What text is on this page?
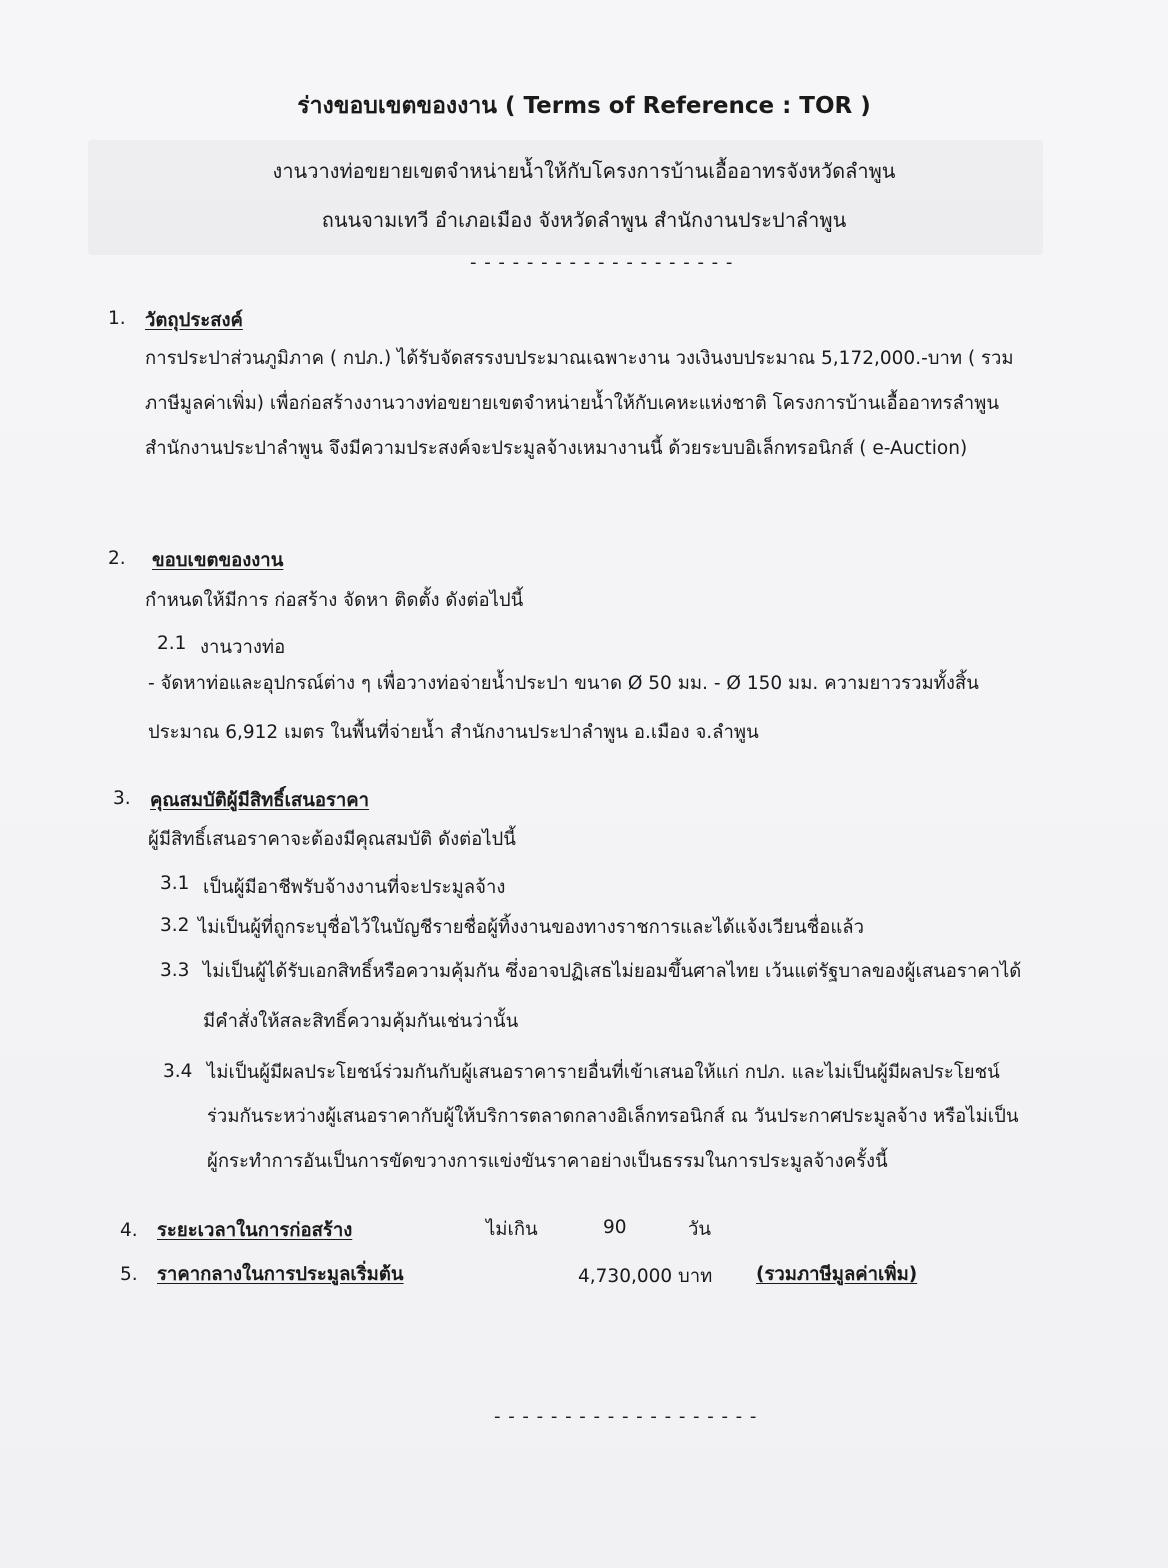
ร่างขอบเขตของงาน ( Terms of Reference : TOR )
งานวางท่อขยายเขตจำหน่ายน้ำให้กับโครงการบ้านเอื้ออาทรจังหวัดลำพูน
ถนนจามเทวี อำเภอเมือง จังหวัดลำพูน สำนักงานประปาลำพูน
- - - - - - - - - - - - - - - - - - -
1. วัตถุประสงค์
การประปาส่วนภูมิภาค ( กปภ.) ได้รับจัดสรรงบประมาณเฉพาะงาน วงเงินงบประมาณ 5,172,000.-บาท ( รวม
ภาษีมูลค่าเพิ่ม) เพื่อก่อสร้างงานวางท่อขยายเขตจำหน่ายน้ำให้กับเคหะแห่งชาติ โครงการบ้านเอื้ออาทรลำพูน
สำนักงานประปาลำพูน จึงมีความประสงค์จะประมูลจ้างเหมางานนี้ ด้วยระบบอิเล็กทรอนิกส์ ( e-Auction)
2. ขอบเขตของงาน
กำหนดให้มีการ ก่อสร้าง จัดหา ติดตั้ง ดังต่อไปนี้
2.1 งานวางท่อ
- จัดหาท่อและอุปกรณ์ต่าง ๆ เพื่อวางท่อจ่ายน้ำประปา ขนาด Ø 50 มม. - Ø 150 มม. ความยาวรวมทั้งสิ้น
ประมาณ 6,912 เมตร ในพื้นที่จ่ายน้ำ สำนักงานประปาลำพูน อ.เมือง จ.ลำพูน
3. คุณสมบัติผู้มีสิทธิ์เสนอราคา
ผู้มีสิทธิ์เสนอราคาจะต้องมีคุณสมบัติ ดังต่อไปนี้
3.1 เป็นผู้มีอาชีพรับจ้างงานที่จะประมูลจ้าง
3.2 ไม่เป็นผู้ที่ถูกระบุชื่อไว้ในบัญชีรายชื่อผู้ทิ้งงานของทางราชการและได้แจ้งเวียนชื่อแล้ว
3.3 ไม่เป็นผู้ได้รับเอกสิทธิ์หรือความคุ้มกัน ซึ่งอาจปฏิเสธไม่ยอมขึ้นศาลไทย เว้นแต่รัฐบาลของผู้เสนอราคาได้
มีคำสั่งให้สละสิทธิ์ความคุ้มกันเช่นว่านั้น
3.4 ไม่เป็นผู้มีผลประโยชน์ร่วมกันกับผู้เสนอราคารายอื่นที่เข้าเสนอให้แก่ กปภ. และไม่เป็นผู้มีผลประโยชน์
ร่วมกันระหว่างผู้เสนอราคากับผู้ให้บริการตลาดกลางอิเล็กทรอนิกส์ ณ วันประกาศประมูลจ้าง หรือไม่เป็น
ผู้กระทำการอันเป็นการขัดขวางการแข่งขันราคาอย่างเป็นธรรมในการประมูลจ้างครั้งนี้
4. ระยะเวลาในการก่อสร้าง	ไม่เกิน	90	วัน
5. ราคากลางในการประมูลเริ่มต้น	4,730,000 บาท (รวมภาษีมูลค่าเพิ่ม)
- - - - - - - - - - - - - - - - - - -
